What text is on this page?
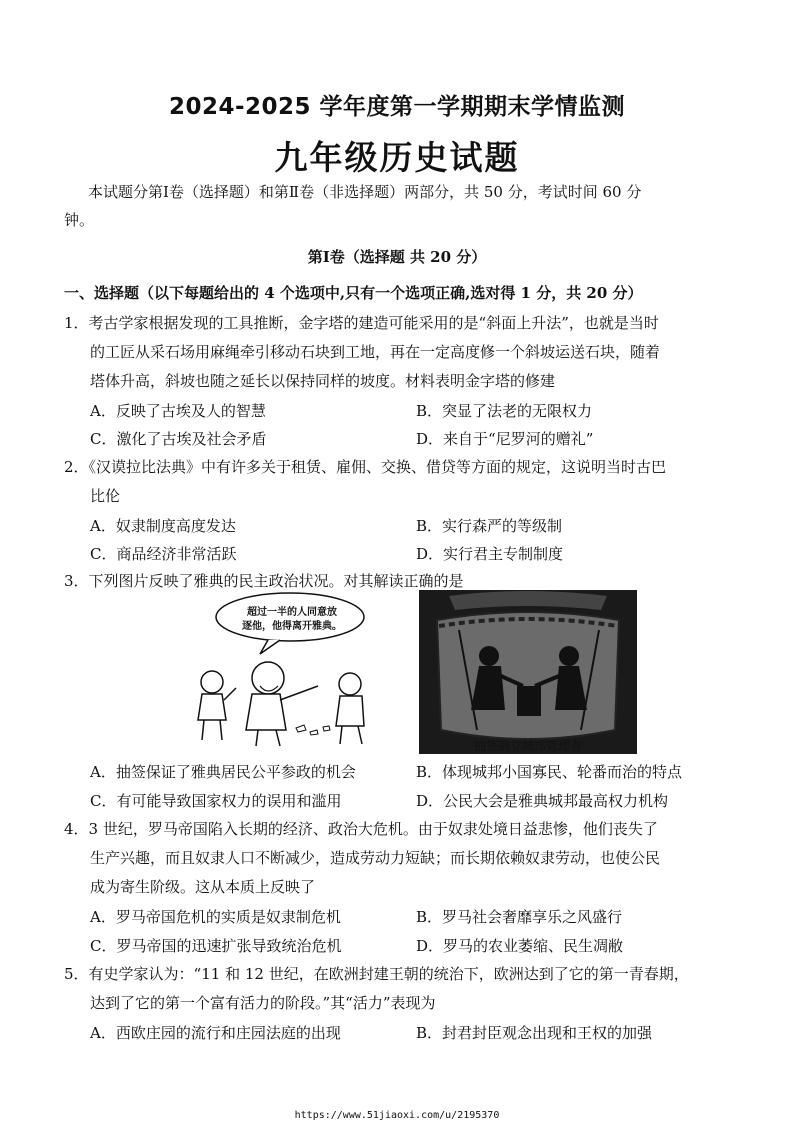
2024-2025 学年度第一学期期末学情监测
九年级历史试题
本试题分第Ⅰ卷（选择题）和第Ⅱ卷（非选择题）两部分，共 50 分，考试时间 60 分
钟。
第Ⅰ卷（选择题 共 20 分）
一、选择题（以下每题给出的 4 个选项中,只有一个选项正确,选对得 1 分，共 20 分）
1．考古学家根据发现的工具推断，金字塔的建造可能采用的是“斜面上升法”，也就是当时
的工匠从采石场用麻绳牵引移动石块到工地，再在一定高度修一个斜坡运送石块，随着
塔体升高，斜坡也随之延长以保持同样的坡度。材料表明金字塔的修建
A．反映了古埃及人的智慧	B．突显了法老的无限权力
C．激化了古埃及社会矛盾	D．来自于“尼罗河的赠礼”
2．《汉谟拉比法典》中有许多关于租赁、雇佣、交换、借贷等方面的规定，这说明当时古巴
比伦
A．奴隶制度高度发达	B．实行森严的等级制
C．商品经济非常活跃	D．实行君主专制制度
3．下列图片反映了雅典的民主政治状况。对其解读正确的是
超过一半的人同意放
逐他，他得离开雅典。
抽签确立城邦管理者
A．抽签保证了雅典居民公平参政的机会	B．体现城邦小国寡民、轮番而治的特点
C．有可能导致国家权力的误用和滥用	D．公民大会是雅典城邦最高权力机构
4．3 世纪，罗马帝国陷入长期的经济、政治大危机。由于奴隶处境日益悲惨，他们丧失了
生产兴趣，而且奴隶人口不断减少，造成劳动力短缺；而长期依赖奴隶劳动，也使公民
成为寄生阶级。这从本质上反映了
A．罗马帝国危机的实质是奴隶制危机	B．罗马社会奢靡享乐之风盛行
C．罗马帝国的迅速扩张导致统治危机	D．罗马的农业萎缩、民生凋敝
5．有史学家认为：“11 和 12 世纪，在欧洲封建王朝的统治下，欧洲达到了它的第一青春期，
达到了它的第一个富有活力的阶段。”其“活力”表现为
A．西欧庄园的流行和庄园法庭的出现	B．封君封臣观念出现和王权的加强
https://www.51jiaoxi.com/u/2195370
